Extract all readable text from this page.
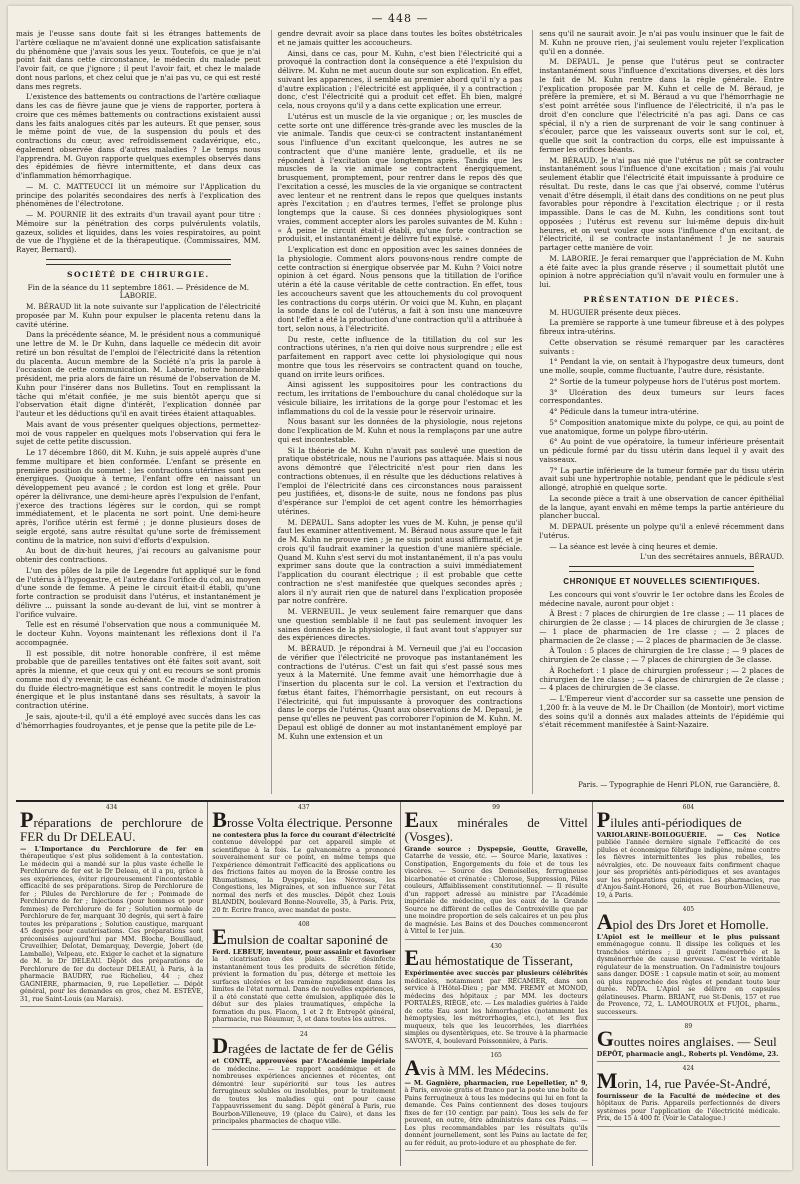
— 448 —

mais je l'eusse sans doute fait si les étranges battements de l'artère cœliaque ne m'avaient donné une explication satisfaisante du phénomène que j'avais sous les yeux. Toutefois, ce que je n'ai point fait dans cette circonstance, le médecin du malade peut l'avoir fait, ce que j'ignore ; il peut l'avoir fait, et chez le malade dont nous parlons, et chez celui que je n'ai pas vu, ce qui est resté dans mes regrets.

L'existence des battements ou contractions de l'artère cœliaque dans les cas de fièvre jaune que je viens de rapporter, portera à croire que ces mêmes battements ou contractions existaient aussi dans les faits analogues cités par les auteurs. Et que penser, sous le même point de vue, de la suspension du pouls et des contractions du cœur, avec refroidissement cadavérique, etc., également observée dans d'autres maladies ? Le temps nous l'apprendra. M. Guyon rapporte quelques exemples observés dans des épidémies de fièvre intermittente, et dans deux cas d'inflammation hémorrhagique.

— M. C. MATTEUCCI lit un mémoire sur l'Application du principe des polarités secondaires des nerfs à l'explication des phénomènes de l'électrotone.

— M. POURNIE lit des extraits d'un travail ayant pour titre : Mémoire sur la pénétration des corps pulvérulents volatils, gazeux, solides et liquides, dans les voies respiratoires, au point de vue de l'hygiène et de la thérapeutique. (Commissaires, MM. Rayer, Bernard).

SOCIÉTÉ DE CHIRURGIE.

Fin de la séance du 11 septembre 1861. — Présidence de M. LABORIE.

M. BÉRAUD lit la note suivante sur l'application de l'électricité proposée par M. Kuhn pour expulser le placenta retenu dans la cavité utérine.

Dans la précédente séance, M. le président nous a communiqué une lettre de M. le Dr Kuhn, dans laquelle ce médecin dit avoir retiré un bon résultat de l'emploi de l'électricité dans la rétention du placenta. Aucun membre de la Société n'a pris la parole à l'occasion de cette communication. M. Laborie, notre honorable président, me pria alors de faire un résumé de l'observation de M. Kuhn pour l'insérer dans nos Bulletins. Tout en remplissant la tâche qui m'était confiée, je me suis bientôt aperçu que si l'observation était digne d'intérêt, l'explication donnée par l'auteur et les déductions qu'il en avait tirées étaient attaquables.

Mais avant de vous présenter quelques objections, permettez-moi de vous rappeler en quelques mots l'observation qui fera le sujet de cette petite discussion.

Le 17 décembre 1860, dit M. Kuhn, je suis appelé auprès d'une femme multipare et bien conformée. L'enfant se présente en première position du sommet ; les contractions utérines sont peu énergiques. Quoique à terme, l'enfant offre en naissant un développement peu avancé ; le cordon est long et grêle. Pour opérer la délivrance, une demi-heure après l'expulsion de l'enfant, j'exerce des tractions légères sur le cordon, qui se rompt immédiatement, et le placenta ne sort point. Une demi-heure après, l'orifice utérin est fermé ; je donne plusieurs doses de seigle ergoté, sans autre résultat qu'une sorte de frémissement continu de la matrice, non suivi d'efforts d'expulsion.

Au bout de dix-huit heures, j'ai recours au galvanisme pour obtenir des contractions.

L'un des pôles de la pile de Legendre fut appliqué sur le fond de l'utérus à l'hypogastre, et l'autre dans l'orifice du col, au moyen d'une sonde de femme. À peine le circuit était-il établi, qu'une forte contraction se produisit dans l'utérus, et instantanément je délivre ... puissant la sonde au-devant de lui, vint se montrer à l'orifice vulvaire.

Telle est en résumé l'observation que nous a communiquée M. le docteur Kuhn. Voyons maintenant les réflexions dont il l'a accompagnée.

Il est possible, dit notre honorable confrère, il est même probable que de pareilles tentatives ont été faites soit avant, soit après la mienne, et que ceux qui y ont eu recours se sont promis comme moi d'y revenir, le cas échéant. Ce mode d'administration du fluide électro-magnétique est sans contredit le moyen le plus énergique et le plus instantané dans ses résultats, à savoir la contraction utérine.

Je sais, ajoute-t-il, qu'il a été employé avec succès dans les cas d'hémorrhagies foudroyantes, et je pense que la petite pile de Le-

gendre devrait avoir sa place dans toutes les boîtes obstétricales et ne jamais quitter les accoucheurs.

Ainsi, dans ce cas, pour M. Kuhn, c'est bien l'électricité qui a provoqué la contraction dont la conséquence a été l'expulsion du délivre. M. Kuhn ne met aucun doute sur son explication. En effet, suivant les apparences, il semble au premier abord qu'il n'y a pas d'autre explication ; l'électricité est appliquée, il y a contraction ; donc, c'est l'électricité qui a produit cet effet. Eh bien, malgré cela, nous croyons qu'il y a dans cette explication une erreur.

L'utérus est un muscle de la vie organique ; or, les muscles de cette sorte ont une différence très-grande avec les muscles de la vie animale. Tandis que ceux-ci se contractent instantanément sous l'influence d'un excitant quelconque, les autres ne se contractent que d'une manière lente, graduelle, et ils ne répondent à l'excitation que longtemps après. Tandis que les muscles de la vie animale se contractent énergiquement, brusquement, promptement, pour rentrer dans le repos dès que l'excitation a cessé, les muscles de la vie organique se contractent avec lenteur et ne rentrent dans le repos que quelques instants après l'excitation ; en d'autres termes, l'effet se prolonge plus longtemps que la cause. Si ces données physiologiques sont vraies, comment accepter alors les paroles suivantes de M. Kuhn : « À peine le circuit était-il établi, qu'une forte contraction se produisit, et instantanément je délivre fut expulsé. »

L'explication est donc en opposition avec les saines données de la physiologie. Comment alors pouvons-nous rendre compte de cette contraction si énergique observée par M. Kuhn ? Voici notre opinion à cet égard. Nous pensons que la titillation de l'orifice utérin a été la cause véritable de cette contraction. En effet, tous les accoucheurs savent que les attouchements du col provoquent les contractions du corps utérin. Or voici que M. Kuhn, en plaçant la sonde dans le col de l'utérus, a fait à son insu une manœuvre dont l'effet a été la production d'une contraction qu'il a attribuée à tort, selon nous, à l'électricité.

Du reste, cette influence de la titillation du col sur les contractions utérines, n'a rien qui doive nous surprendre ; elle est parfaitement en rapport avec cette loi physiologique qui nous montre que tous les réservoirs se contractent quand on touche, quand on irrite leurs orifices.

Ainsi agissent les suppositoires pour les contractions du rectum, les irritations de l'embouchure du canal cholédoque sur la vésicule biliaire, les irritations de la gorge pour l'estomac et les inflammations du col de la vessie pour le réservoir urinaire.

Nous basant sur les données de la physiologie, nous rejetons donc l'explication de M. Kuhn et nous la remplaçons par une autre qui est incontestable.

Si la théorie de M. Kuhn n'avait pas soulevé une question de pratique obstétricale, nous ne l'aurions pas attaquée. Mais si nous avons démontré que l'électricité n'est pour rien dans les contractions obtenues, il en résulte que les déductions relatives à l'emploi de l'électricité dans ces circonstances nous paraissent peu justifiées, et, disons-le de suite, nous ne fondons pas plus d'espérance sur l'emploi de cet agent contre les hémorrhagies utérines.

M. DEPAUL. Sans adopter les vues de M. Kuhn, je pense qu'il faut les examiner attentivement. M. Béraud nous assure que le fait de M. Kuhn ne prouve rien ; je ne suis point aussi affirmatif, et je crois qu'il faudrait examiner la question d'une manière spéciale. Quand M. Kuhn s'est servi du mot instantanément, il n'a pas voulu exprimer sans doute que la contraction a suivi immédiatement l'application du courant électrique ; il est probable que cette contraction ne s'est manifestée que quelques secondes après ; alors il n'y aurait rien que de naturel dans l'explication proposée par notre confrère.

M. VERNEUIL. Je veux seulement faire remarquer que dans une question semblable il ne faut pas seulement invoquer les saines données de la physiologie, il faut avant tout s'appuyer sur des expériences directes.

M. BÉRAUD. Je répondrai à M. Verneuil que j'ai eu l'occasion de vérifier que l'électricité ne provoque pas instantanément les contractions de l'utérus. C'est un fait qui s'est passé sous mes yeux à la Maternité. Une femme avait une hémorrhagie due à l'insertion du placenta sur le col. La version et l'extraction du fœtus étant faites, l'hémorrhagie persistant, on eut recours à l'électricité, qui fut impuissante à provoquer des contractions dans le corps de l'utérus. Quant aux observations de M. Depaul, je pense qu'elles ne peuvent pas corroborer l'opinion de M. Kuhn. M. Depaul est obligé de donner au mot instantanément employé par M. Kuhn une extension et un

sens qu'il ne saurait avoir. Je n'ai pas voulu insinuer que le fait de M. Kuhn ne prouve rien, j'ai seulement voulu rejeter l'explication qu'il en a donnée.

M. DEPAUL. Je pense que l'utérus peut se contracter instantanément sous l'influence d'excitations diverses, et dès lors le fait de M. Kuhn rentre dans la règle générale. Entre l'explication proposée par M. Kuhn et celle de M. Béraud, je préfère la première, et si M. Béraud a vu que l'hémorrhagie ne s'est point arrêtée sous l'influence de l'électricité, il n'a pas le droit d'en conclure que l'électricité n'a pas agi. Dans ce cas spécial, il n'y a rien de surprenant de voir le sang continuer à s'écouler, parce que les vaisseaux ouverts sont sur le col, et, quelle que soit la contraction du corps, elle est impuissante à fermer les orifices béants.

M. BÉRAUD. Je n'ai pas nié que l'utérus ne pût se contracter instantanément sous l'influence d'une excitation ; mais j'ai voulu seulement établir que l'électricité était impuissante à produire ce résultat. Du reste, dans le cas que j'ai observé, comme l'utérus venait d'être désempli, il était dans des conditions on ne peut plus favorables pour répondre à l'excitation électrique ; or il resta impassible. Dans le cas de M. Kuhn, les conditions sont tout opposées ; l'utérus est revenu sur lui-même depuis dix-huit heures, et on veut voulez que sous l'influence d'un excitant, de l'électricité, il se contracte instantanément ! Je ne saurais partager cette manière de voir.

M. LABORIE. Je ferai remarquer que l'appréciation de M. Kuhn a été faite avec la plus grande réserve ; il soumettait plutôt une opinion à notre appréciation qu'il n'avait voulu en formuler une à lui.

PRÉSENTATION DE PIÈCES.

M. HUGUIER présente deux pièces.

La première se rapporte à une tumeur fibreuse et à des polypes fibreux intra-utérins.

Cette observation se résumé remarquer par les caractères suivants :

1° Pendant la vie, on sentait à l'hypogastre deux tumeurs, dont une molle, souple, comme fluctuante, l'autre dure, résistante.

2° Sortie de la tumeur polypeuse hors de l'utérus post mortem.

3° Ulcération des deux tumeurs sur leurs faces correspondantes.

4° Pédicule dans la tumeur intra-utérine.

5° Composition anatomique mixte du polype, ce qui, au point de vue anatomique, forme un polype fibro-utérin.

6° Au point de vue opératoire, la tumeur inférieure présentait un pédicule formé par du tissu utérin dans lequel il y avait des vaisseaux.

7° La partie inférieure de la tumeur formée par du tissu utérin avait subi une hypertrophie notable, pendant que le pédicule s'est allongé, atrophié en quelque sorte.

La seconde pièce a trait à une observation de cancer épithélial de la langue, ayant envahi en même temps la partie antérieure du plancher buccal.

M. DEPAUL présente un polype qu'il a enlevé récemment dans l'utérus.

— La séance est levée à cinq heures et demie.

L'un des secrétaires annuels, BÉRAUD.

CHRONIQUE ET NOUVELLES SCIENTIFIQUES.

Les concours qui vont s'ouvrir le 1er octobre dans les Écoles de médecine navale, auront pour objet :

À Brest : 7 places de chirurgien de 1re classe ; — 11 places de chirurgien de 2e classe ; — 14 places de chirurgien de 3e classe ; — 1 place de pharmacien de 1re classe ; — 2 places de pharmacien de 2e classe ; — 2 places de pharmacien de 3e classe.

À Toulon : 5 places de chirurgien de 1re classe ; — 9 places de chirurgien de 2e classe ; — 7 places de chirurgien de 3e classe.

À Rochefort : 1 place de chirurgien professeur ; — 2 places de chirurgien de 1re classe ; — 4 places de chirurgien de 2e classe ; — 4 places de chirurgien de 3e classe.

— L'Empereur vient d'accorder sur sa cassette une pension de 1,200 fr. à la veuve de M. le Dr Chaillon (de Montoir), mort victime des soins qu'il a donnés aux malades atteints de l'épidémie qui s'était récemment manifestée à Saint-Nazaire.

Paris. — Typographie de Henri PLON, rue Garancière, 8.
434
Préparations de perchlorure de FER du Dr DELEAU.
— L'Importance du Perchlorure de fer en thérapeutique s'est plus solidement à la contestation. Le médecin qui a mandé sur la plus vaste échelle le Perchlorure de fer est le Dr Deleau, et il a pu, grâce à ses expériences, éviter rigoureusement l'incontestable efficacité de ses préparations. Sirop de Perchlorure de fer ; Pilules de Perchlorure de fer ; Pommade de Perchlorure de fer ; Injections (pour hommes et pour femmes) de Perchlorure de fer ; Solution normale de Perchlorure de fer, marquant 30 degrés, qui sert à faire toutes les préparations ; Solution caustique, marquant 45 degrés pour cautérisations. Ces préparations sont préconisées aujourd'hui par MM. Bloche, Bouillaud, Cruveilhier, Delotat, Demarquay, Devergie, Jobert (de Lamballe), Velpeau, etc. Exiger le cachet et la signature de M. le Dr DELEAU. Dépôt des préparations de Perchlorure de fer du docteur DELEAU, à Paris, à la pharmacie BAUDRY, rue Richelieu, 44 ; chez GAGNIÈRE, pharmacien, 9, rue Lepelletier. — Dépôt général, pour les demandes en gros, chez M. ESTÈVE, 31, rue Saint-Louis (au Marais).
437
Brosse Volta électrique. Personne
ne contestera plus la force du courant d'électricité contenue développé par cet appareil simple et scientifique à la fois. Le galvanomètre a prononcé souverainement sur ce point, en même temps que l'expérience démontrait l'efficacité des applications ou des frictions faites au moyen de la Brosse contre les Rhumatismes, la Dyspepsie, les Névroses, les Congestions, les Migraines, et son influence sur l'état normal des nerfs et des muscles. Dépôt chez Louis BLANDIN, boulevard Bonne-Nouvelle, 35, à Paris. Prix, 20 fr. Écrire franco, avec mandat de poste.
408
Emulsion de coaltar saponiné de
Ferd. LEBEUF, inventeur, pour assainir et favoriser la cicatrisation des plaies. Elle désinfecte instantanément tous les produits de sécrétion fétide, prévient la formation du pus, déterge et mettoie les surfaces ulcérées et les ramène rapidement dans les limites de l'état normal. Dans de nouvelles expériences, il a été constaté que cette émulsion, appliquée dès le début sur des plaies traumatiques, empêche la formation du pus. Flacon, 1 et 2 fr. Entrepôt général, pharmacie, rue Réaumur, 3, et dans toutes les autres.
24
Dragées de lactate de fer de Gélis
et CONTÉ, approuvées par l'Académie impériale de médecine. — Le rapport académique et de nombreuses expériences anciennes et récentes, ont démontré leur supériorité sur tous les autres ferrugineux solubles ou insolubles, pour le traitement de toutes les maladies qui ont pour cause l'appauvrissement du sang. Dépôt général à Paris, rue Bourbon-Villeneuve, 19 (place du Caire), et dans les principales pharmacies de chaque ville.
99
Eaux minérales de Vittel (Vosges).
Grande source : Dyspepsie, Goutte, Gravelle, Catarrhe de vessie, etc. — Source Marie, laxatives : Constipation, Engorgements du foie et de tous les viscères. — Source des Demoiselles, ferrugineuse bicarbonatée et crénatée : Chlorose, Suppression, Pâles couleurs, Affaiblissement constitutionnel. — Il résulte d'un rapport adressé au ministre par l'Académie impériale de médecine, que les eaux de la Grande Source ne diffèrent de celles de Contrexéville que par une moindre proportion de sels calcaires et un peu plus de magnésie. Les Bains et des Douches commenceront à Vittel le 1er juin.
430
Eau hémostatique de Tisserant,
Expérimentée avec succès par plusieurs célébrités médicales, notamment par RÉCAMIER, dans son service à l'Hôtel-Dieu ; par MM. FREMY et MONOD, médecins des hôpitaux ; par MM. les docteurs PORTALÈS, RIÈGE, etc. — Les maladies guéries à l'aide de cette Eau sont les hémorrhagies (notamment les hémoptysies, les métrorrhagies, etc.), et les flux muqueux, tels que les leucorrhées, les diarrhées simples ou dysentériques, etc. Se trouve à la pharmacie SAVOYE, 4, boulevard Poissonnière, à Paris.
165
Avis à MM. les Médecins.
— M. Gagnière, pharmacien, rue Lepelletier, n° 9, à Paris, envoie gratis et franco par la poste une boîte de Pains ferrugineux à tous les médecins qui lui en font la demande. Ces Pains contiennent des doses toujours fixes de fer (10 centigr. par pain). Tous les sels de fer peuvent, en outre, être administrés dans ces Pains. — Les plus recommandables par les résultats qu'ils donnent journellement, sont les Pains au lactate de fer, au fer réduit, au proto-iodure et au phosphate de fer.
604
Pilules anti-périodiques de
VARIOLARINE-BOILOGUÉRIE. — Ces Notice publiée l'année dernière signale l'efficacité de ces pilules et économique fébrifuge indigène, même contre les fièvres intermittentes les plus rebelles, les névralgies, etc. De nouveaux faits confirment chaque jour ses propriétés anti-périodiques et ses avantages sur les préparations quiniques. Les pharmacies, rue d'Anjou-Saint-Honoré, 26, et rue Bourbon-Villeneuve, 19, à Paris.
405
Apiol des Drs Joret et Homolle.
L'Apiol est le meilleur et le plus puissant emménagogue connu. Il dissipe les coliques et les tranchées utérines ; il guérit l'aménorrhée et la dysménorrhée de cause nerveuse. C'est le véritable régulateur de la menstruation. On l'administre toujours sans danger. DOSE : 1 capsule matin et soir, au moment où plus rapprochée des règles et pendant toute leur durée. NOTA. L'Apiol se délivre en capsules gélatineuses. Pharm. BRIANT, rue St-Denis, 157 et rue de Provence, 72, L. LAMOUROUX et FUJOL, pharm., successeurs.
89
Gouttes noires anglaises. — Seul
DÉPÔT, pharmacie angl., Roberts pl. Vendôme, 23.
424
Morin, 14, rue Pavée-St-André,
fournisseur de la Faculté de médecine et des hôpitaux de Paris. Appareils perfectionnés de divers systèmes pour l'application de l'électricité médicale. Prix, de 15 à 400 fr. (Voir le Catalogue.)
